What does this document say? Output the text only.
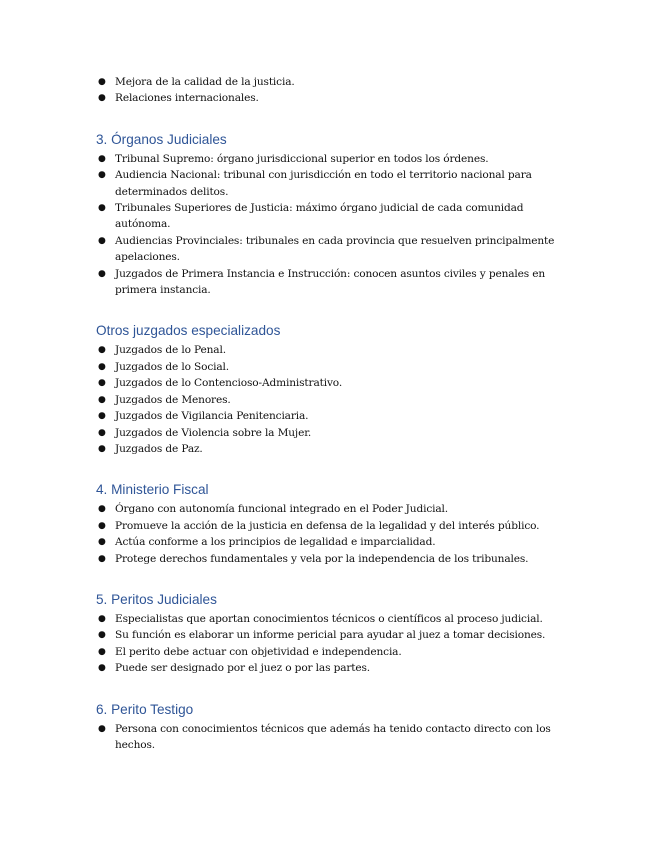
● Mejora de la calidad de la justicia.
● Relaciones internacionales.
3. Órganos Judiciales
● Tribunal Supremo: órgano jurisdiccional superior en todos los órdenes.
● Audiencia Nacional: tribunal con jurisdicción en todo el territorio nacional para determinados delitos.
● Tribunales Superiores de Justicia: máximo órgano judicial de cada comunidad autónoma.
● Audiencias Provinciales: tribunales en cada provincia que resuelven principalmente apelaciones.
● Juzgados de Primera Instancia e Instrucción: conocen asuntos civiles y penales en primera instancia.
Otros juzgados especializados
● Juzgados de lo Penal.
● Juzgados de lo Social.
● Juzgados de lo Contencioso-Administrativo.
● Juzgados de Menores.
● Juzgados de Vigilancia Penitenciaria.
● Juzgados de Violencia sobre la Mujer.
● Juzgados de Paz.
4. Ministerio Fiscal
● Órgano con autonomía funcional integrado en el Poder Judicial.
● Promueve la acción de la justicia en defensa de la legalidad y del interés público.
● Actúa conforme a los principios de legalidad e imparcialidad.
● Protege derechos fundamentales y vela por la independencia de los tribunales.
5. Peritos Judiciales
● Especialistas que aportan conocimientos técnicos o científicos al proceso judicial.
● Su función es elaborar un informe pericial para ayudar al juez a tomar decisiones.
● El perito debe actuar con objetividad e independencia.
● Puede ser designado por el juez o por las partes.
6. Perito Testigo
● Persona con conocimientos técnicos que además ha tenido contacto directo con los hechos.
